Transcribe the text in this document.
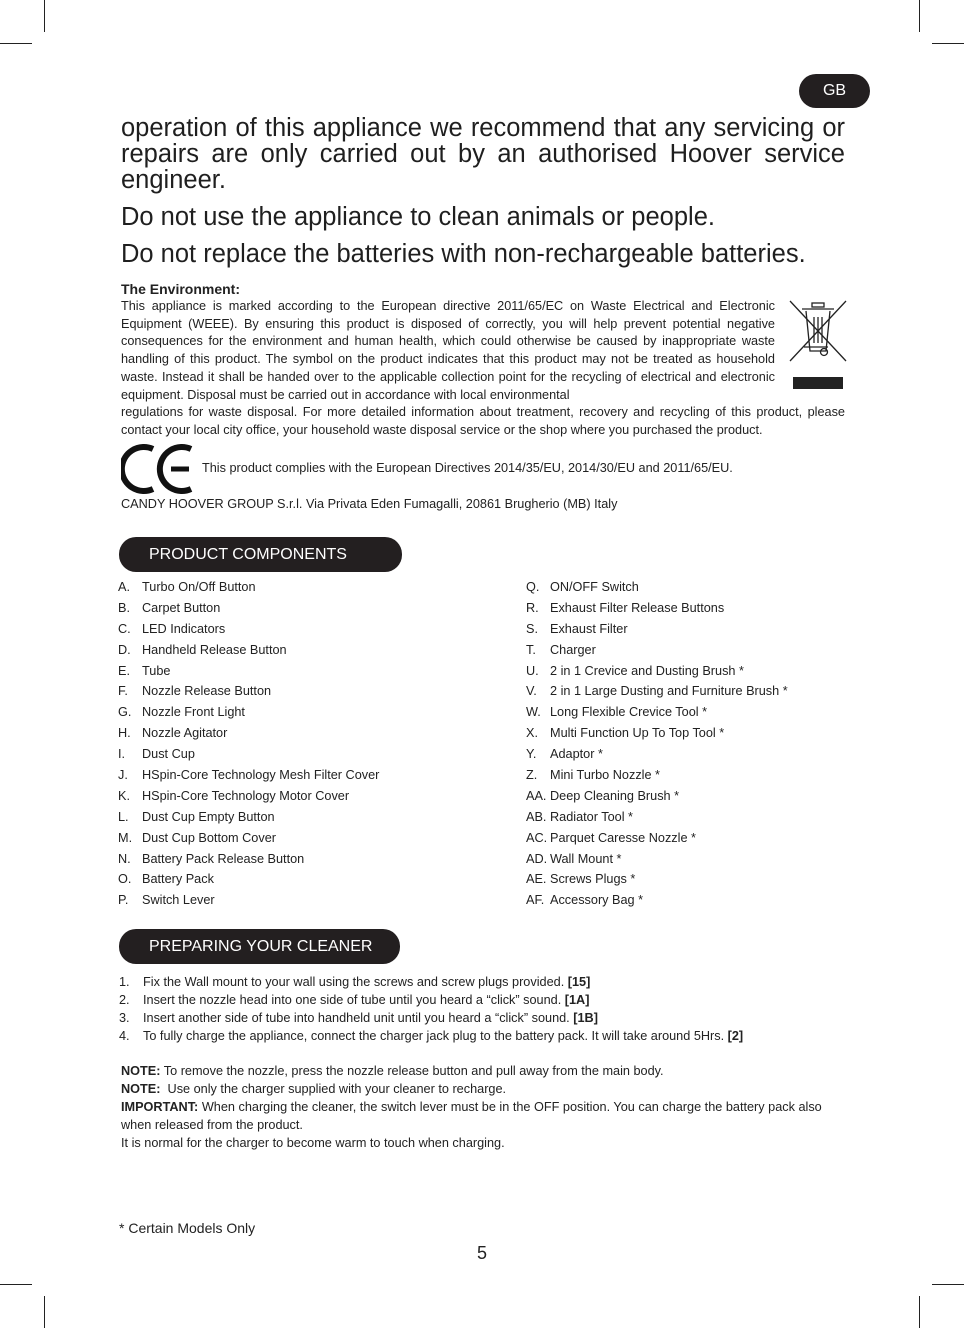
GB
operation of this appliance we recommend that any servicing or repairs are only carried out by an authorised Hoover service engineer.
Do not use the appliance to clean animals or people.
Do not replace the batteries with non-rechargeable batteries.
The Environment:
This appliance is marked according to the European directive 2011/65/EC on Waste Electrical and Electronic Equipment (WEEE). By ensuring this product is disposed of correctly, you will help prevent potential negative consequences for the environment and human health, which could otherwise be caused by inappropriate waste handling of this product. The symbol on the product indicates that this product may not be treated as household waste. Instead it shall be handed over to the applicable collection point for the recycling of electrical and electronic equipment. Disposal must be carried out in accordance with local environmental
regulations for waste disposal. For more detailed information about treatment, recovery and recycling of this product, please contact your local city office, your household waste disposal service or the shop where you purchased the product.
This product complies with the European Directives 2014/35/EU, 2014/30/EU and 2011/65/EU.
CANDY HOOVER GROUP S.r.l. Via Privata Eden Fumagalli, 20861 Brugherio (MB) Italy
PRODUCT COMPONENTS
A. Turbo On/Off Button
B. Carpet Button
C. LED Indicators
D. Handheld Release Button
E. Tube
F. Nozzle Release Button
G. Nozzle Front Light
H. Nozzle Agitator
I. Dust Cup
J. HSpin-Core Technology Mesh Filter Cover
K. HSpin-Core Technology Motor Cover
L. Dust Cup Empty Button
M. Dust Cup Bottom Cover
N. Battery Pack Release Button
O. Battery Pack
P. Switch Lever
Q. ON/OFF Switch
R. Exhaust Filter Release Buttons
S. Exhaust Filter
T. Charger
U. 2 in 1 Crevice and Dusting Brush *
V. 2 in 1 Large Dusting and Furniture Brush *
W. Long Flexible Crevice Tool *
X. Multi Function Up To Top Tool *
Y. Adaptor *
Z. Mini Turbo Nozzle *
AA. Deep Cleaning Brush *
AB. Radiator Tool *
AC. Parquet Caresse Nozzle *
AD. Wall Mount *
AE. Screws Plugs *
AF. Accessory Bag *
PREPARING YOUR CLEANER
1. Fix the Wall mount to your wall using the screws and screw plugs provided. [15]
2. Insert the nozzle head into one side of tube until you heard a “click” sound. [1A]
3. Insert another side of tube into handheld unit until you heard a “click” sound. [1B]
4. To fully charge the appliance, connect the charger jack plug to the battery pack. It will take around 5Hrs. [2]

NOTE: To remove the nozzle, press the nozzle release button and pull away from the main body.

NOTE:  Use only the charger supplied with your cleaner to recharge.

IMPORTANT: When charging the cleaner, the switch lever must be in the OFF position. You can charge the battery pack also when released from the product.

It is normal for the charger to become warm to touch when charging.

* Certain Models Only
5
